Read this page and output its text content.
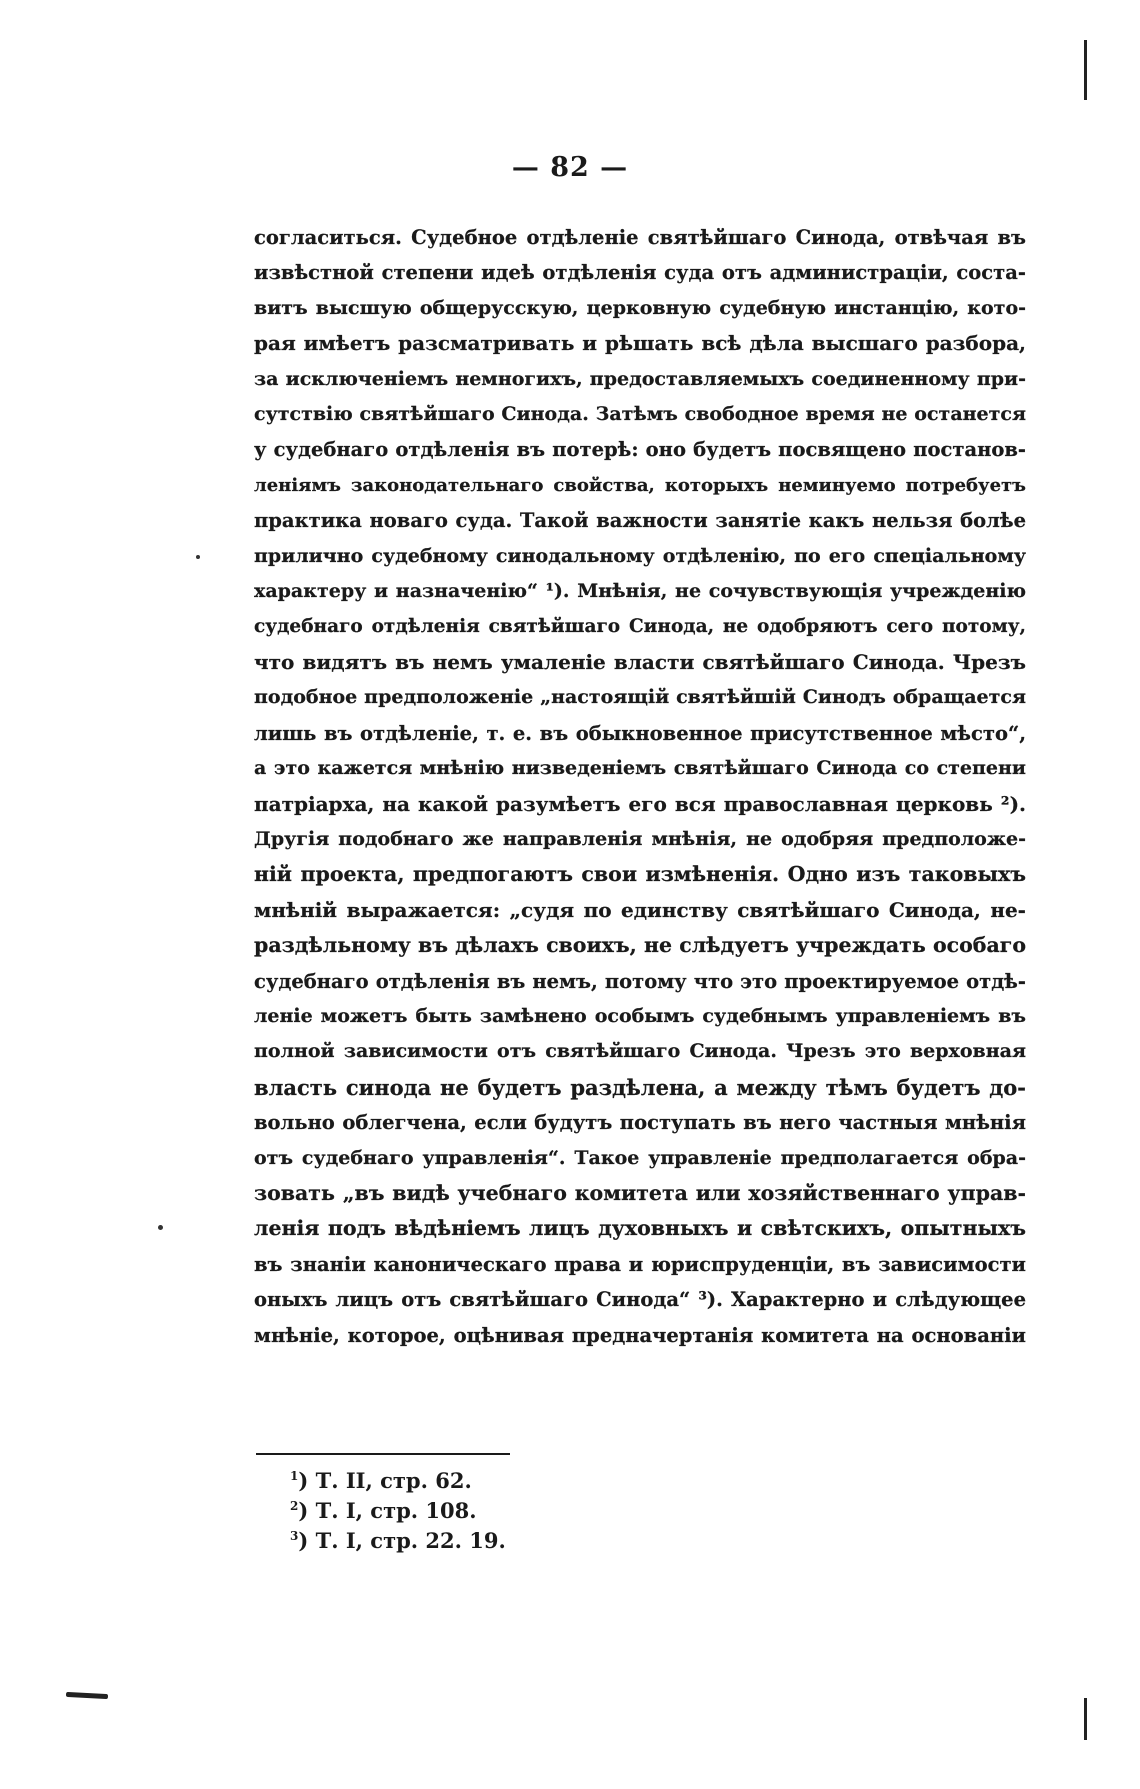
— 82 —
согласиться. Судебное отдѣленіе святѣйшаго Синода, отвѣчая въ
извѣстной степени идеѣ отдѣленія суда отъ администраціи, соста-
витъ высшую общерусскую, церковную судебную инстанцію, кото-
рая имѣетъ разсматривать и рѣшать всѣ дѣла высшаго разбора,
за исключеніемъ немногихъ, предоставляемыхъ соединенному при-
сутствію святѣйшаго Синода. Затѣмъ свободное время не останется
у судебнаго отдѣленія въ потерѣ: оно будетъ посвящено постанов-
леніямъ законодательнаго свойства, которыхъ неминуемо потребуетъ
практика новаго суда. Такой важности занятіе какъ нельзя болѣе
прилично судебному синодальному отдѣленію, по его спеціальному
характеру и назначенію“ ¹). Мнѣнія, не сочувствующія учрежденію
судебнаго отдѣленія святѣйшаго Синода, не одобряютъ сего потому,
что видятъ въ немъ умаленіе власти святѣйшаго Синода. Чрезъ
подобное предположеніе „настоящій святѣйшій Синодъ обращается
лишь въ отдѣленіе, т. е. въ обыкновенное присутственное мѣсто“,
а это кажется мнѣнію низведеніемъ святѣйшаго Синода со степени
патріарха, на какой разумѣетъ его вся православная церковь ²).
Другія подобнаго же направленія мнѣнія, не одобряя предположе-
ній проекта, предпогаютъ свои измѣненія. Одно изъ таковыхъ
мнѣній выражается: „судя по единству святѣйшаго Синода, не-
раздѣльному въ дѣлахъ своихъ, не слѣдуетъ учреждать особаго
судебнаго отдѣленія въ немъ, потому что это проектируемое отдѣ-
леніе можетъ быть замѣнено особымъ судебнымъ управленіемъ въ
полной зависимости отъ святѣйшаго Синода. Чрезъ это верховная
власть синода не будетъ раздѣлена, а между тѣмъ будетъ до-
вольно облегчена, если будутъ поступать въ него частныя мнѣнія
отъ судебнаго управленія“. Такое управленіе предполагается обра-
зовать „въ видѣ учебнаго комитета или хозяйственнаго управ-
ленія подъ вѣдѣніемъ лицъ духовныхъ и свѣтскихъ, опытныхъ
въ знаніи каноническаго права и юриспруденціи, въ зависимости
оныхъ лицъ отъ святѣйшаго Синода“ ³). Характерно и слѣдующее
мнѣніе, которое, оцѣнивая предначертанія комитета на основаніи
$^1$) Т. II, стр. 62.
$^2$) Т. I, стр. 108.
$^3$) Т. I, стр. 22. 19.
